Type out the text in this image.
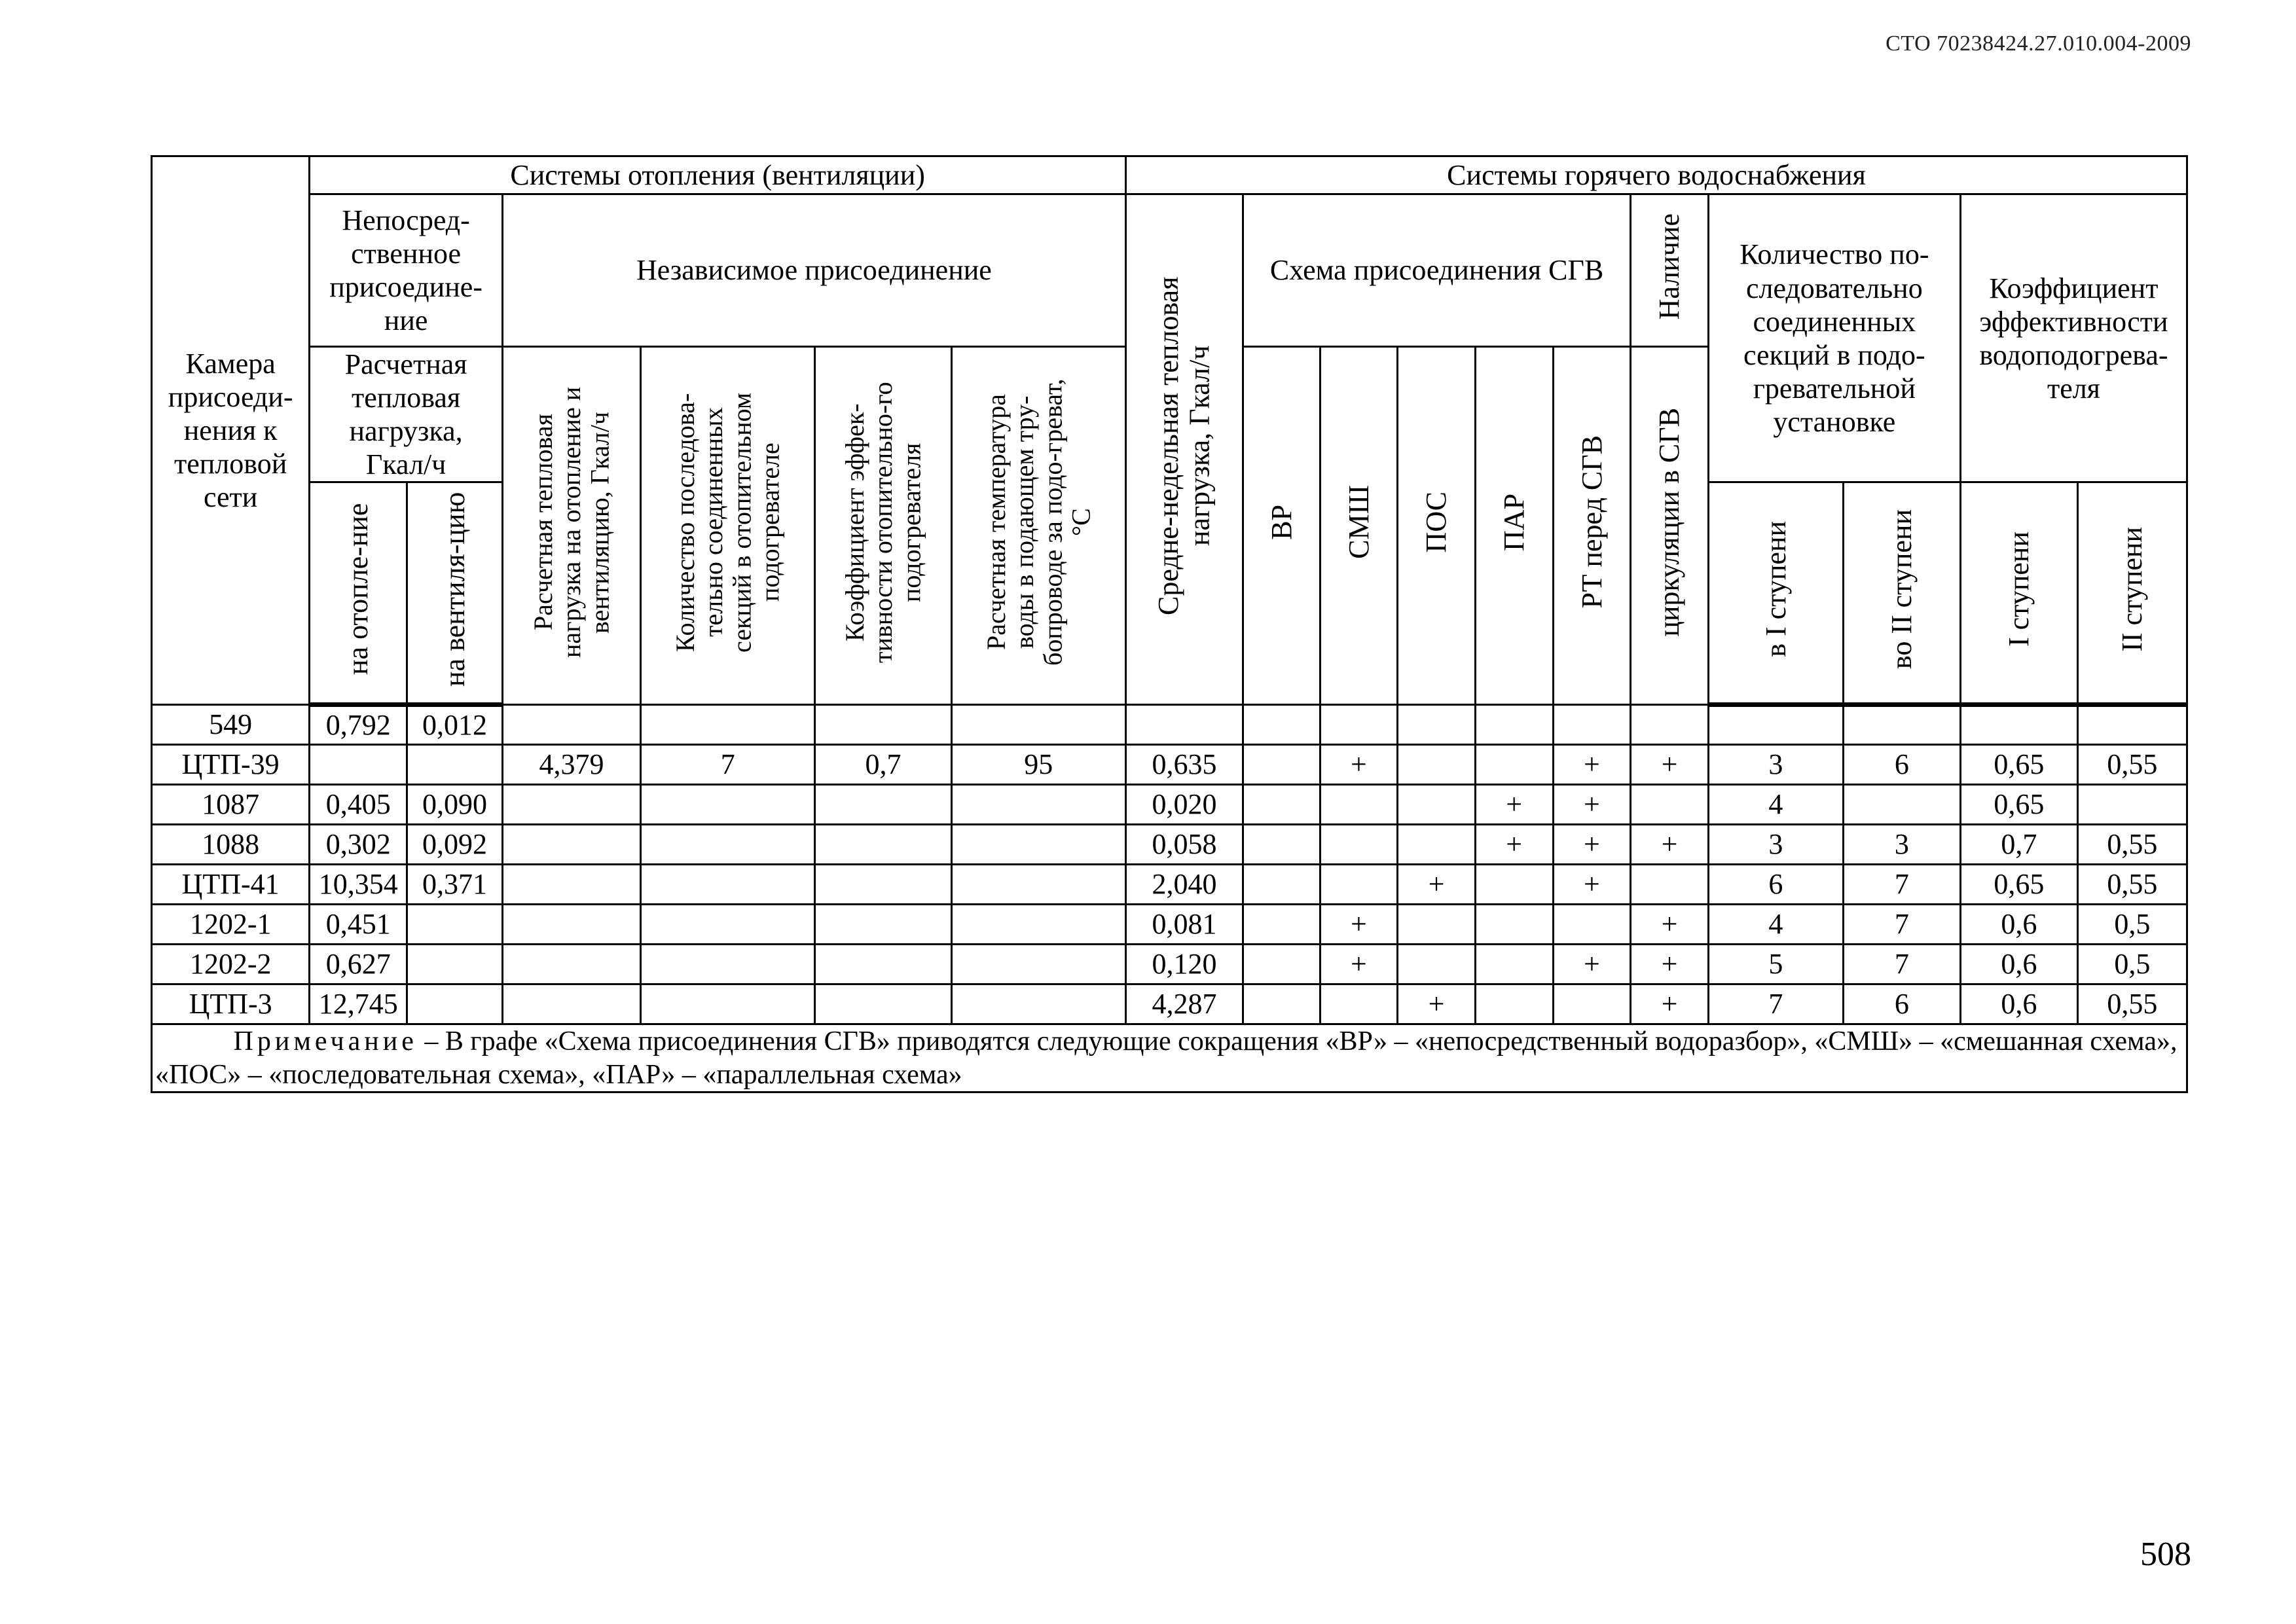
СТО 70238424.27.010.004-2009
Камера присоеди-нения к тепловой сети	Системы отопления (вентиляции)						Системы горячего водоснабжения										
	Непосред-ственное присоедине-ние		Независимое присоединение				Средне-недельная тепловая нагрузка, Гкал/ч	Схема присоединения СГВ					Наличие	Количество по-следовательно соединенных секций в подо-гревательной установке		Коэффициент эффективности водоподогрева-теля	
	Расчетная тепловая нагрузка, Гкал/ч		Расчетная тепловая нагрузка на отопление и вентиляцию, Гкал/ч	Количество последова-тельно соединенных секций в отопительном подогревателе	Коэффициент эффек-тивности отопительно-го подогревателя	Расчетная температура воды в подающем тру-бопроводе за подо-греват, °С		ВР	СМШ	ПОС	ПАР	РТ перед СГВ	циркуляции в СГВ				
	на отопле-ние	на вентиля-цию												в I ступени	во II ступени	I ступени	II ступени
549	0,792	0,012															
ЦТП-39			4,379	7	0,7	95	0,635		+			+	+	3	6	0,65	0,55
1087	0,405	0,090					0,020				+	+		4		0,65	
1088	0,302	0,092					0,058				+	+	+	3	3	0,7	0,55
ЦТП-41	10,354	0,371					2,040			+		+		6	7	0,65	0,55
1202-1	0,451						0,081		+				+	4	7	0,6	0,5
1202-2	0,627						0,120		+			+	+	5	7	0,6	0,5
ЦТП-3	12,745						4,287			+			+	7	6	0,6	0,55
Примечание – В графе «Схема присоединения СГВ» приводятся следующие сокращения «ВР» – «непосредственный водоразбор», «СМШ» – «смешанная схема», «ПОС» – «последовательная схема», «ПАР» – «параллельная схема»																	
508
